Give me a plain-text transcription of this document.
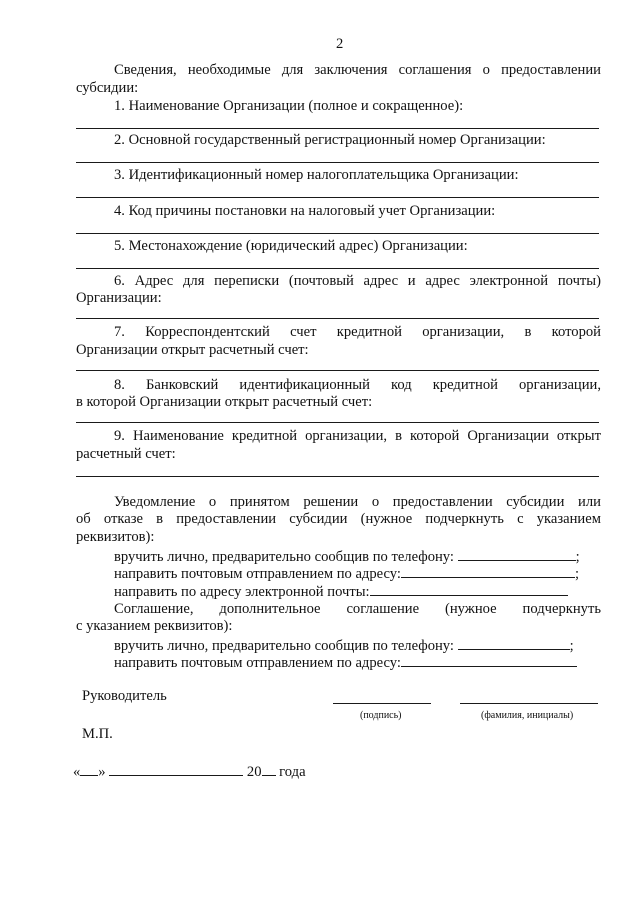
2
Сведения, необходимые для заключения соглашения о предоставлении
субсидии:
1. Наименование Организации (полное и сокращенное):
2. Основной государственный регистрационный номер Организации:
3. Идентификационный номер налогоплательщика Организации:
4. Код причины постановки на налоговый учет Организации:
5. Местонахождение (юридический адрес) Организации:
6. Адрес для переписки (почтовый адрес и адрес электронной почты)
Организации:
7. Корреспондентский счет кредитной организации, в которой
Организации открыт расчетный счет:
8. Банковский идентификационный код кредитной организации,
в которой Организации открыт расчетный счет:
9. Наименование кредитной организации, в которой Организации открыт
расчетный счет:
Уведомление о принятом решении о предоставлении субсидии или
об отказе в предоставлении субсидии (нужное подчеркнуть с указанием
реквизитов):
вручить лично, предварительно сообщив по телефону:	;
направить почтовым отправлением по адресу:	;
направить по адресу электронной почты:
Соглашение, дополнительное соглашение (нужное подчеркнуть
с указанием реквизитов):
вручить лично, предварительно сообщив по телефону:	;
направить почтовым отправлением по адресу:
Руководитель
(подпись)	(фамилия, инициалы)
М.П.
« »	20 года
